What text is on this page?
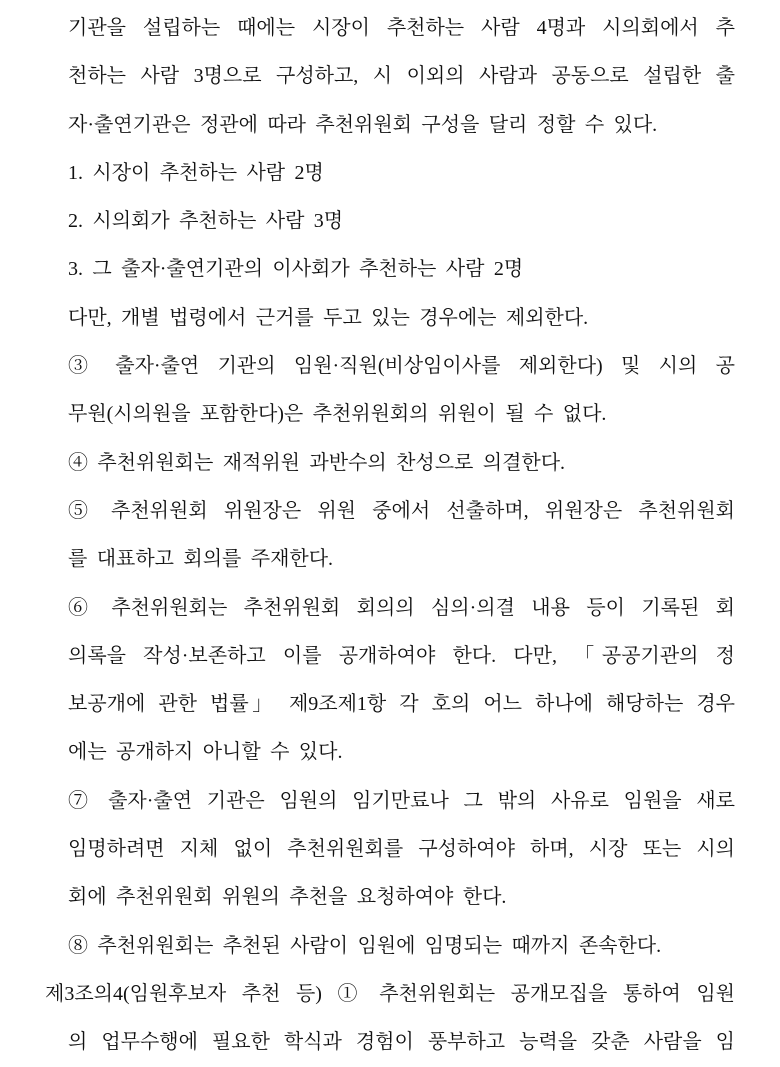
기관을 설립하는 때에는 시장이 추천하는 사람 4명과 시의회에서 추
천하는 사람 3명으로 구성하고, 시 이외의 사람과 공동으로 설립한 출
자·출연기관은 정관에 따라 추천위원회 구성을 달리 정할 수 있다.
1. 시장이 추천하는 사람 2명
2. 시의회가 추천하는 사람 3명
3. 그 출자·출연기관의 이사회가 추천하는 사람 2명
다만, 개별 법령에서 근거를 두고 있는 경우에는 제외한다.
③ 출자·출연 기관의 임원·직원(비상임이사를 제외한다) 및 시의 공
무원(시의원을 포함한다)은 추천위원회의 위원이 될 수 없다.
④ 추천위원회는 재적위원 과반수의 찬성으로 의결한다.
⑤ 추천위원회 위원장은 위원 중에서 선출하며, 위원장은 추천위원회
를 대표하고 회의를 주재한다.
⑥ 추천위원회는 추천위원회 회의의 심의·의결 내용 등이 기록된 회
의록을 작성·보존하고 이를 공개하여야 한다. 다만, 「공공기관의 정
보공개에 관한 법률」 제9조제1항 각 호의 어느 하나에 해당하는 경우
에는 공개하지 아니할 수 있다.
⑦ 출자·출연 기관은 임원의 임기만료나 그 밖의 사유로 임원을 새로
임명하려면 지체 없이 추천위원회를 구성하여야 하며, 시장 또는 시의
회에 추천위원회 위원의 추천을 요청하여야 한다.
⑧ 추천위원회는 추천된 사람이 임원에 임명되는 때까지 존속한다.
제3조의4(임원후보자 추천 등) ① 추천위원회는 공개모집을 통하여 임원
의 업무수행에 필요한 학식과 경험이 풍부하고 능력을 갖춘 사람을 임
